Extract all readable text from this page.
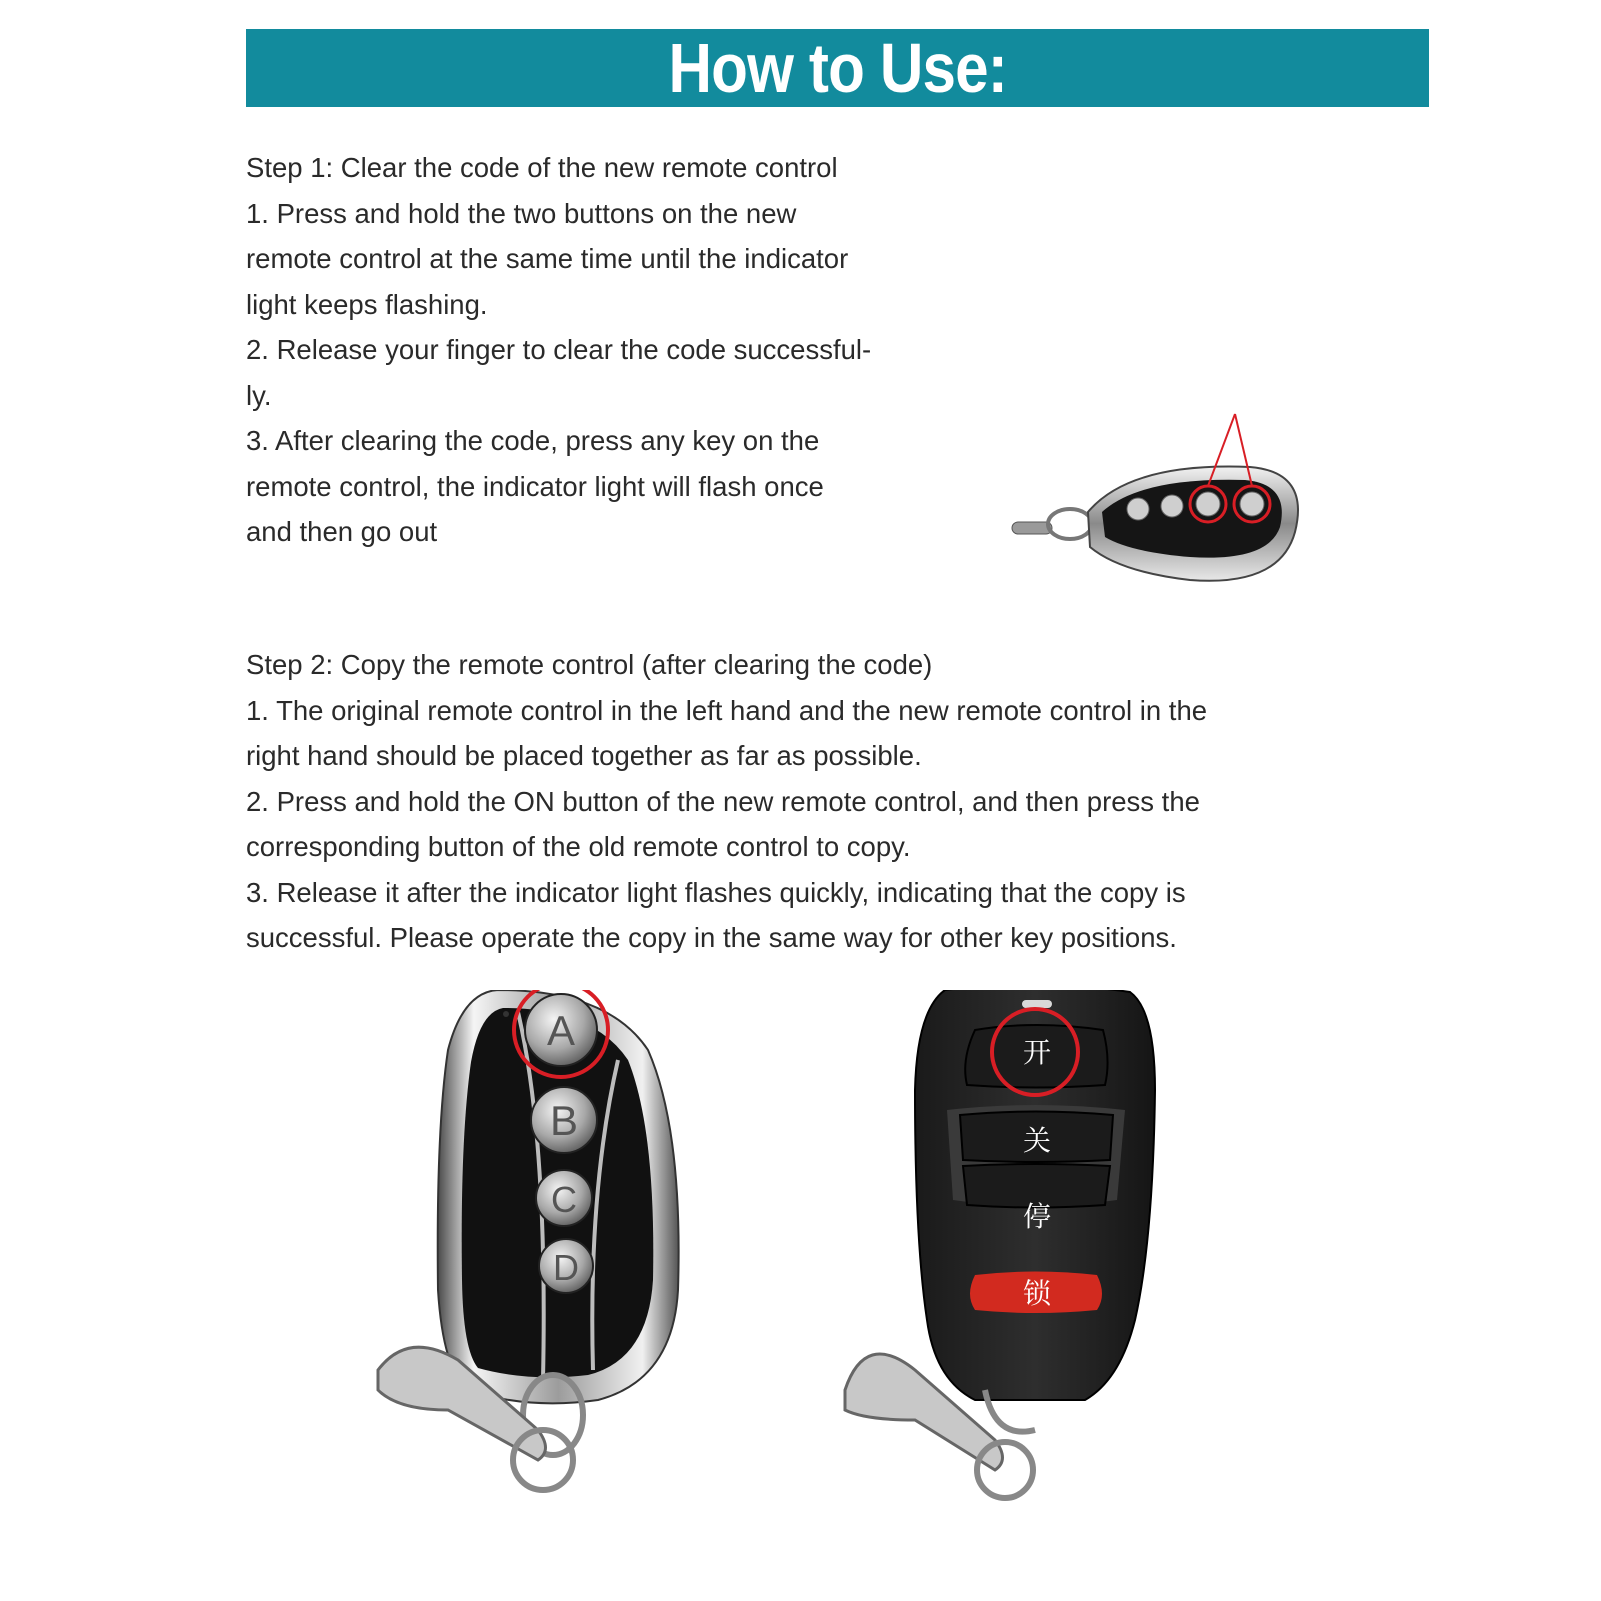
How to Use:
Step 1: Clear the code of the new remote control
1. Press and hold the two buttons on the new
remote control at the same time until the indicator
light keeps flashing.
2. Release your finger to clear the code successful-
ly.
3. After clearing the code, press any key on the
remote control, the indicator light will flash once
and then go out
Step 2: Copy the remote control (after clearing the code)
1. The original remote control in the left hand and the new remote control in the
right hand should be placed together as far as possible.
2. Press and hold the ON button of the new remote control, and then press the
corresponding button of the old remote control to copy.
3. Release it after the indicator light flashes quickly, indicating that the copy is
successful. Please operate the copy in the same way for other key positions.
A
B
C
D
开
关
停
锁
